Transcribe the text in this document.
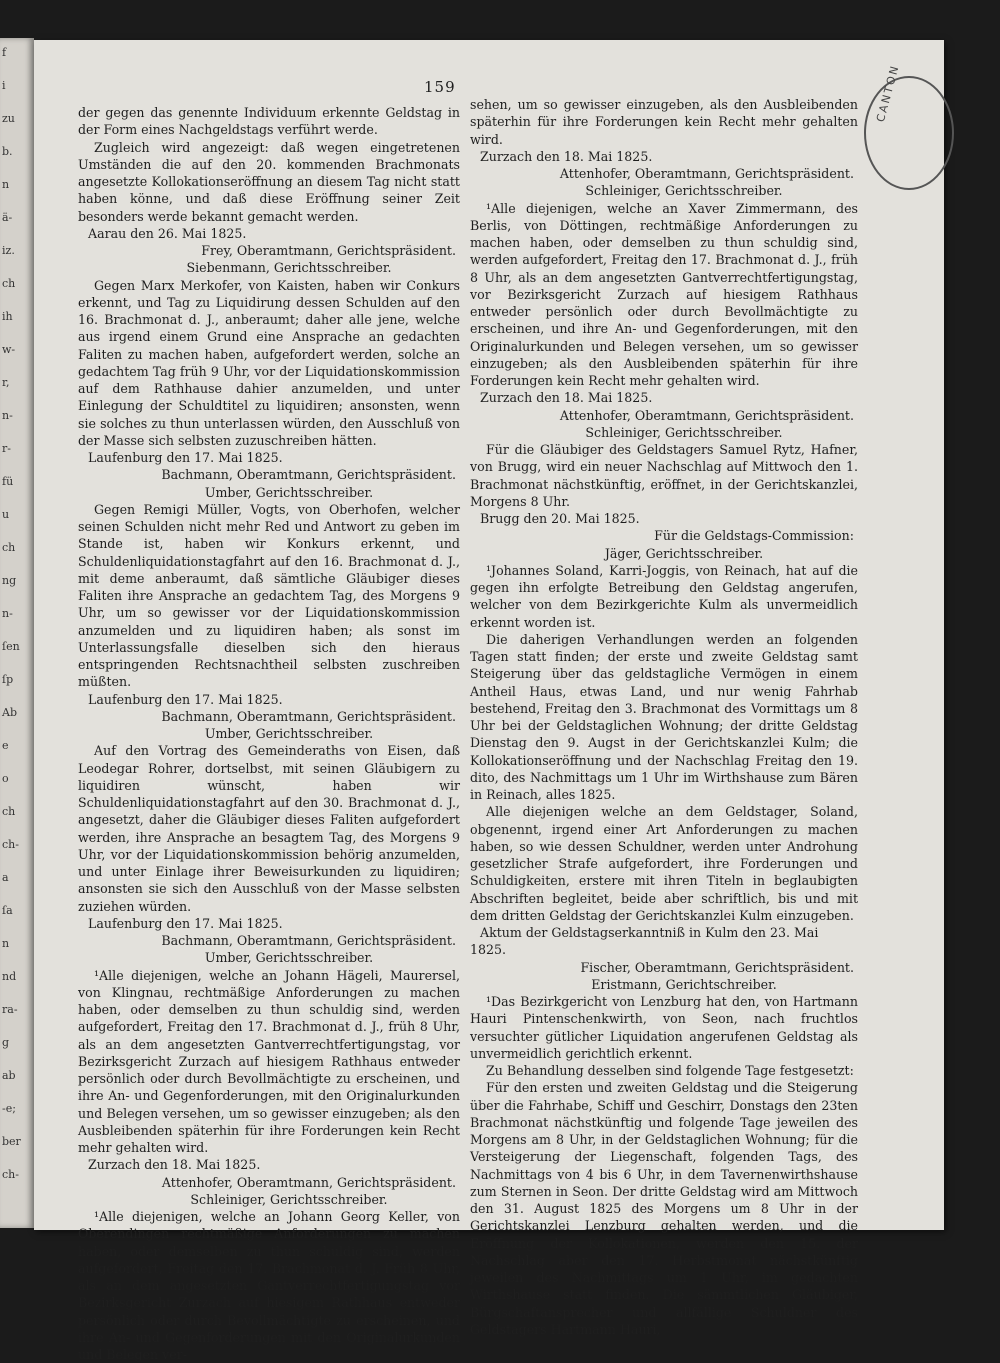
f
i
zu
b.
n
ä-
iz.
ch
ih
w-
r,
n-
r-
fü
u
ch
ng
n-
ſen
ſp
Ab
e
o
ch
ch-
a
ſa
n
nd
ra-
g
ab
-e;
ber
ch-
159	CANTON

der gegen das genennte Individuum erkennte Geldstag in der Form eines Nachgeldstags verführt werde.

Zugleich wird angezeigt: daß wegen eingetretenen Umständen die auf den 20. kommenden Brachmonats angesetzte Kollokationseröffnung an diesem Tag nicht statt haben könne, und daß diese Eröffnung seiner Zeit besonders werde bekannt gemacht werden.

Aarau den 26. Mai 1825.

Frey, Oberamtmann, Gerichtspräsident.

Siebenmann, Gerichtsschreiber.

Gegen Marx Merkofer, von Kaisten, haben wir Conkurs erkennt, und Tag zu Liquidirung dessen Schulden auf den 16. Brachmonat d. J., anberaumt; daher alle jene, welche aus irgend einem Grund eine Ansprache an gedachten Faliten zu machen haben, aufgefordert werden, solche an gedachtem Tag früh 9 Uhr, vor der Liquidationskommission auf dem Rathhause dahier anzumelden, und unter Einlegung der Schuldtitel zu liquidiren; ansonsten, wenn sie solches zu thun unterlassen würden, den Ausschluß von der Masse sich selbsten zuzuschreiben hätten.

Laufenburg den 17. Mai 1825.

Bachmann, Oberamtmann, Gerichtspräsident.

Umber, Gerichtsschreiber.

Gegen Remigi Müller, Vogts, von Oberhofen, welcher seinen Schulden nicht mehr Red und Antwort zu geben im Stande ist, haben wir Konkurs erkennt, und Schuldenliquidationstagfahrt auf den 16. Brachmonat d. J., mit deme anberaumt, daß sämtliche Gläubiger dieses Faliten ihre Ansprache an gedachtem Tag, des Morgens 9 Uhr, um so gewisser vor der Liquidationskommission anzumelden und zu liquidiren haben; als sonst im Unterlassungsfalle dieselben sich den hieraus entspringenden Rechtsnachtheil selbsten zuschreiben müßten.

Laufenburg den 17. Mai 1825.

Bachmann, Oberamtmann, Gerichtspräsident.

Umber, Gerichtsschreiber.

Auf den Vortrag des Gemeinderaths von Eisen, daß Leodegar Rohrer, dortselbst, mit seinen Gläubigern zu liquidiren wünscht, haben wir Schuldenliquidationstagfahrt auf den 30. Brachmonat d. J., angesetzt, daher die Gläubiger dieses Faliten aufgefordert werden, ihre Ansprache an besagtem Tag, des Morgens 9 Uhr, vor der Liquidationskommission behörig anzumelden, und unter Einlage ihrer Beweisurkunden zu liquidiren; ansonsten sie sich den Ausschluß von der Masse selbsten zuziehen würden.

Laufenburg den 17. Mai 1825.

Bachmann, Oberamtmann, Gerichtspräsident.

Umber, Gerichtsschreiber.

¹Alle diejenigen, welche an Johann Hägeli, Maurersel, von Klingnau, rechtmäßige Anforderungen zu machen haben, oder demselben zu thun schuldig sind, werden aufgefordert, Freitag den 17. Brachmonat d. J., früh 8 Uhr, als an dem angesetzten Gantverrechtfertigungstag, vor Bezirksgericht Zurzach auf hiesigem Rathhaus entweder persönlich oder durch Bevollmächtigte zu erscheinen, und ihre An- und Gegenforderungen, mit den Originalurkunden und Belegen versehen, um so gewisser einzugeben; als den Ausbleibenden späterhin für ihre Forderungen kein Recht mehr gehalten wird.

Zurzach den 18. Mai 1825.

Attenhofer, Oberamtmann, Gerichtspräsident.

Schleiniger, Gerichtsschreiber.

¹Alle diejenigen, welche an Johann Georg Keller, von Oberendingen rechtmäßige Anforderungen zu machen haben, oder demselben zu thun schuldig sind, werden aufgefordert, Freitag den 17. Brachmonat d. J. Früh 8 Uhr, als an dem angesetzten Gantverrechtfertigungstag vor Bezirksgericht Zurzach auf hiesigem Rathhaus entweder persönlich oder durch Bevollmächtigte zu erscheinen, und ihre An- und Gegenforderungen mit den Originalurkunden und Belegen ver-

sehen, um so gewisser einzugeben, als den Ausbleibenden späterhin für ihre Forderungen kein Recht mehr gehalten wird.

Zurzach den 18. Mai 1825.

Attenhofer, Oberamtmann, Gerichtspräsident.

Schleiniger, Gerichtsschreiber.

¹Alle diejenigen, welche an Xaver Zimmermann, des Berlis, von Döttingen, rechtmäßige Anforderungen zu machen haben, oder demselben zu thun schuldig sind, werden aufgefordert, Freitag den 17. Brachmonat d. J., früh 8 Uhr, als an dem angesetzten Gantverrechtfertigungstag, vor Bezirksgericht Zurzach auf hiesigem Rathhaus entweder persönlich oder durch Bevollmächtigte zu erscheinen, und ihre An- und Gegenforderungen, mit den Originalurkunden und Belegen versehen, um so gewisser einzugeben; als den Ausbleibenden späterhin für ihre Forderungen kein Recht mehr gehalten wird.

Zurzach den 18. Mai 1825.

Attenhofer, Oberamtmann, Gerichtspräsident.

Schleiniger, Gerichtsschreiber.

Für die Gläubiger des Geldstagers Samuel Rytz, Hafner, von Brugg, wird ein neuer Nachschlag auf Mittwoch den 1. Brachmonat nächstkünftig, eröffnet, in der Gerichtskanzlei, Morgens 8 Uhr.

Brugg den 20. Mai 1825.

Für die Geldstags-Commission:

Jäger, Gerichtsschreiber.

¹Johannes Soland, Karri-Joggis, von Reinach, hat auf die gegen ihn erfolgte Betreibung den Geldstag angerufen, welcher von dem Bezirkgerichte Kulm als unvermeidlich erkennt worden ist.

Die daherigen Verhandlungen werden an folgenden Tagen statt finden; der erste und zweite Geldstag samt Steigerung über das geldstagliche Vermögen in einem Antheil Haus, etwas Land, und nur wenig Fahrhab bestehend, Freitag den 3. Brachmonat des Vormittags um 8 Uhr bei der Geldstaglichen Wohnung; der dritte Geldstag Dienstag den 9. Augst in der Gerichtskanzlei Kulm; die Kollokationseröffnung und der Nachschlag Freitag den 19. dito, des Nachmittags um 1 Uhr im Wirthshause zum Bären in Reinach, alles 1825.

Alle diejenigen welche an dem Geldstager, Soland, obgenennt, irgend einer Art Anforderungen zu machen haben, so wie dessen Schuldner, werden unter Androhung gesetzlicher Strafe aufgefordert, ihre Forderungen und Schuldigkeiten, erstere mit ihren Titeln in beglaubigten Abschriften begleitet, beide aber schriftlich, bis und mit dem dritten Geldstag der Gerichtskanzlei Kulm einzugeben.

Aktum der Geldstagserkanntniß in Kulm den 23. Mai 1825.

Fischer, Oberamtmann, Gerichtspräsident.

Eristmann, Gerichtschreiber.

¹Das Bezirkgericht von Lenzburg hat den, von Hartmann Hauri Pintenschenkwirth, von Seon, nach fruchtlos versuchter gütlicher Liquidation angerufenen Geldstag als unvermeidlich gerichtlich erkennt.

Zu Behandlung desselben sind folgende Tage festgesetzt:

Für den ersten und zweiten Geldstag und die Steigerung über die Fahrhabe, Schiff und Geschirr, Donstags den 23ten Brachmonat nächstkünftig und folgende Tage jeweilen des Morgens am 8 Uhr, in der Geldstaglichen Wohnung; für die Versteigerung der Liegenschaft, folgenden Tags, des Nachmittags von 4 bis 6 Uhr, in dem Tavernenwirthshause zum Sternen in Seon. Der dritte Geldstag wird am Mittwoch den 31. August 1825 des Morgens um 8 Uhr in der Gerichtskanzlei Lenzburg gehalten werden, und die Eröffnung der Kollokationen, werden den 15. der Nachschlag aber den 17. Herbstmonat nächstkünftig jeweilen des Nachmittags um 1 Uhr, im gedachten Wirthshause statt finden. Die sämmtlichen Gläubiger, Bürgschaftansprecher und allfällige Schuldner des Geldstagers Hartmann Hauri,
